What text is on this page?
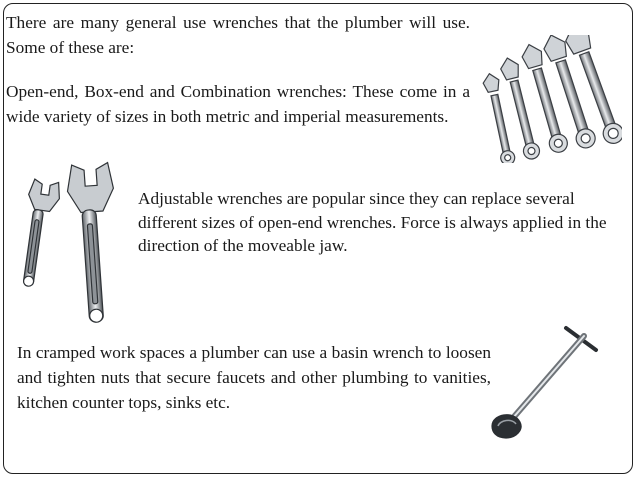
There are many general use wrenches that the plumber will use. Some of these are:

Open-end, Box-end and Combination wrenches: These come in a wide variety of sizes in both metric and imperial measurements.

Adjustable wrenches are popular since they can replace several different sizes of open-end wrenches. Force is always applied in the direction of the moveable jaw.

In cramped work spaces a plumber can use a basin wrench to loosen and tighten nuts that secure faucets and other plumbing to vanities, kitchen counter tops, sinks etc.
